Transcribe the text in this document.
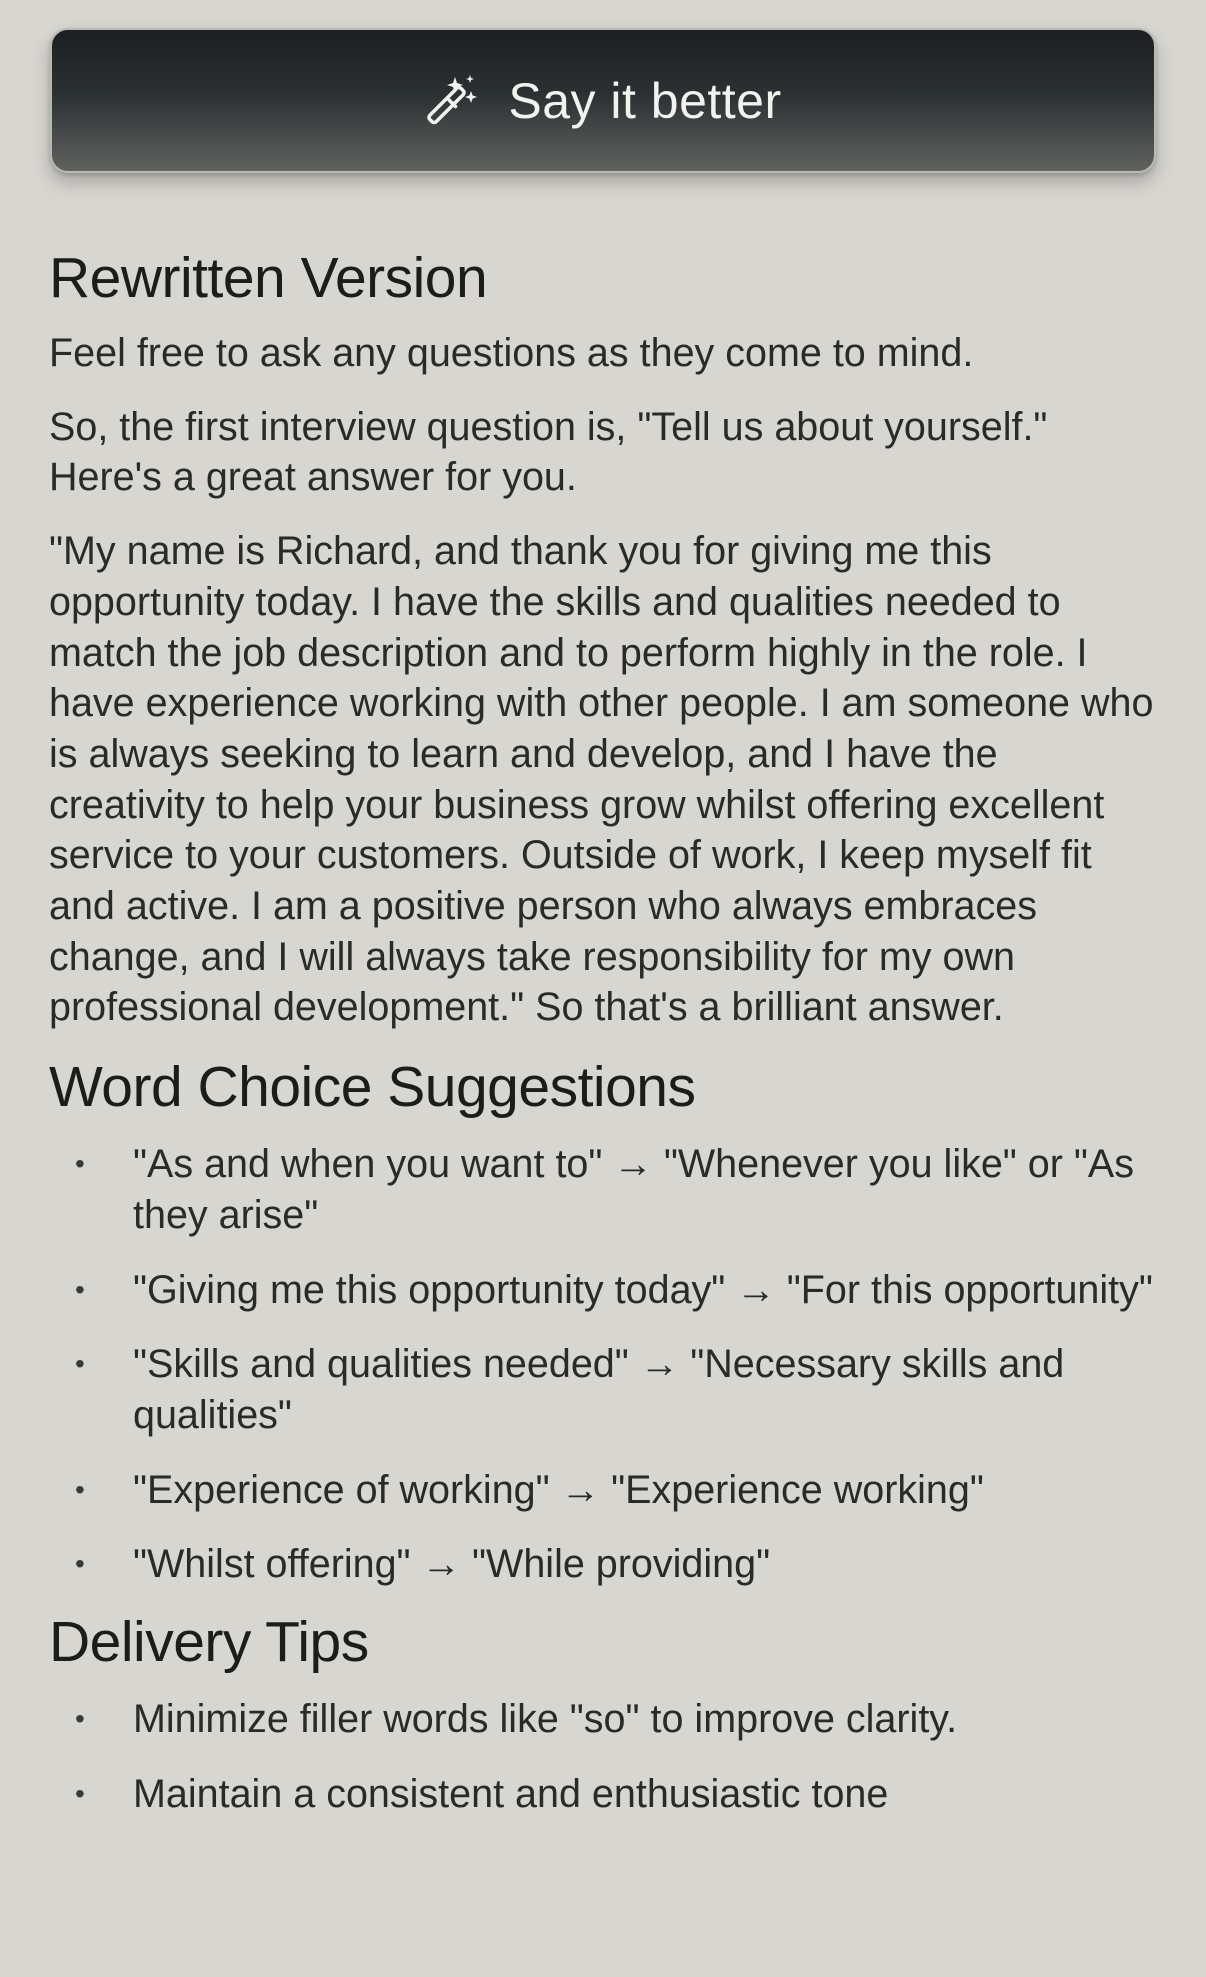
Say it better
Rewritten Version

Feel free to ask any questions as they come to mind.

So, the first interview question is, "Tell us about yourself." Here's a great answer for you.

"My name is Richard, and thank you for giving me this opportunity today. I have the skills and qualities needed to match the job description and to perform highly in the role. I have experience working with other people. I am someone who is always seeking to learn and develop, and I have the creativity to help your business grow whilst offering excellent service to your customers. Outside of work, I keep myself fit and active. I am a positive person who always embraces change, and I will always take responsibility for my own professional development." So that's a brilliant answer.

Word Choice Suggestions
• "As and when you want to" → "Whenever you like" or "As they arise"
• "Giving me this opportunity today" → "For this opportunity"
• "Skills and qualities needed" → "Necessary skills and qualities"
• "Experience of working" → "Experience working"
• "Whilst offering" → "While providing"
Delivery Tips
• Minimize filler words like "so" to improve clarity.
• Maintain a consistent and enthusiastic tone
